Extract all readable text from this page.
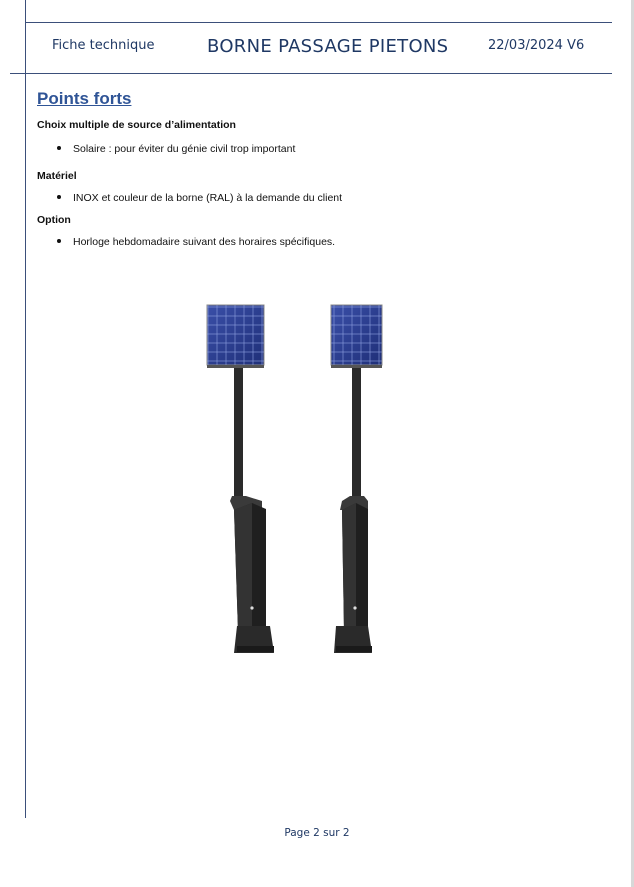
Fiche technique	BORNE PASSAGE PIETONS	22/03/2024 V6
Points forts
Choix multiple de source d’alimentation
Solaire : pour éviter du génie civil trop important
Matériel
INOX et couleur de la borne (RAL) à la demande du client
Option
Horloge hebdomadaire suivant des horaires spécifiques.
Page 2 sur 2
